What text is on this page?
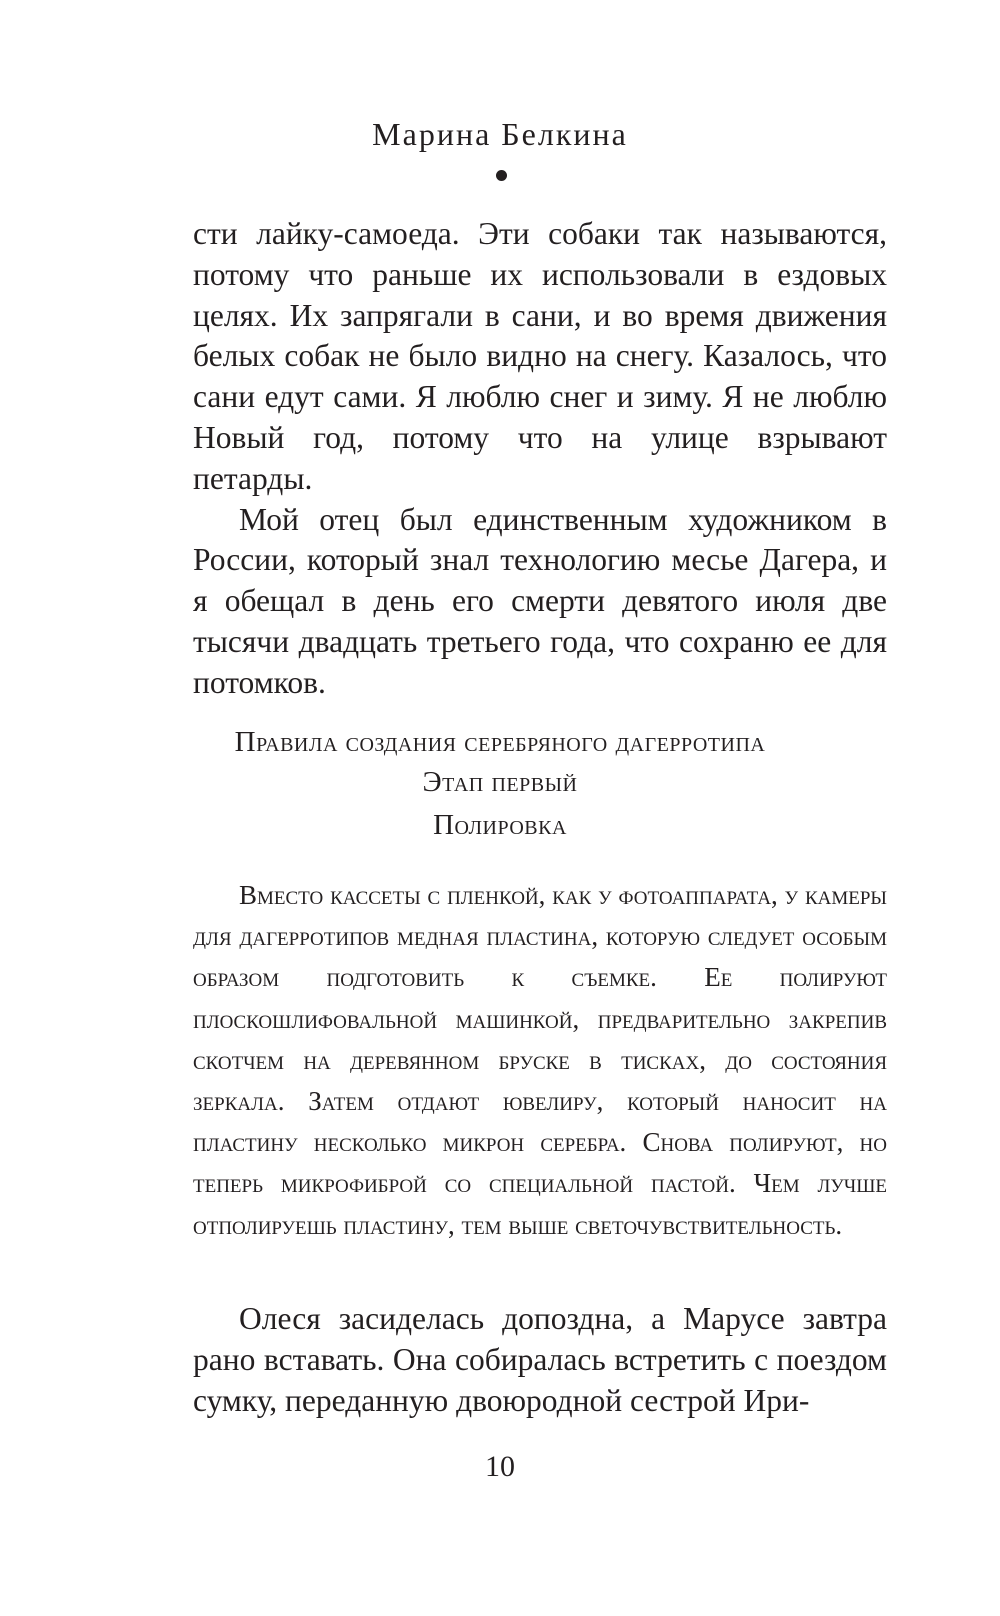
Марина Белкина

сти лайку-самоеда. Эти собаки так называются, потому что раньше их использовали в ездовых целях. Их запрягали в сани, и во время движения белых собак не было видно на снегу. Казалось, что сани едут сами. Я люблю снег и зиму. Я не люблю Новый год, потому что на улице взрывают петарды.

Мой отец был единственным художником в России, который знал технологию месье Дагера, и я обещал в день его смерти девятого июля две тысячи двадцать третьего года, что сохраню ее для потомков.

Правила создания серебряного дагерротипа
Этап первый
Полировка

Вместо кассеты с пленкой, как у фотоаппарата, у камеры для дагерротипов медная пластина, которую следует особым образом подготовить к съемке. Ее полируют плоскошлифовальной машинкой, предварительно закрепив скотчем на деревянном бруске в тисках, до состояния зеркала. Затем отдают ювелиру, который наносит на пластину несколько микрон серебра. Снова полируют, но теперь микрофиброй со специальной пастой. Чем лучше отполируешь пластину, тем выше светочувствительность.

Олеся засиделась допоздна, а Марусе завтра рано вставать. Она собиралась встретить с поездом сумку, переданную двоюродной сестрой Ири-

10
